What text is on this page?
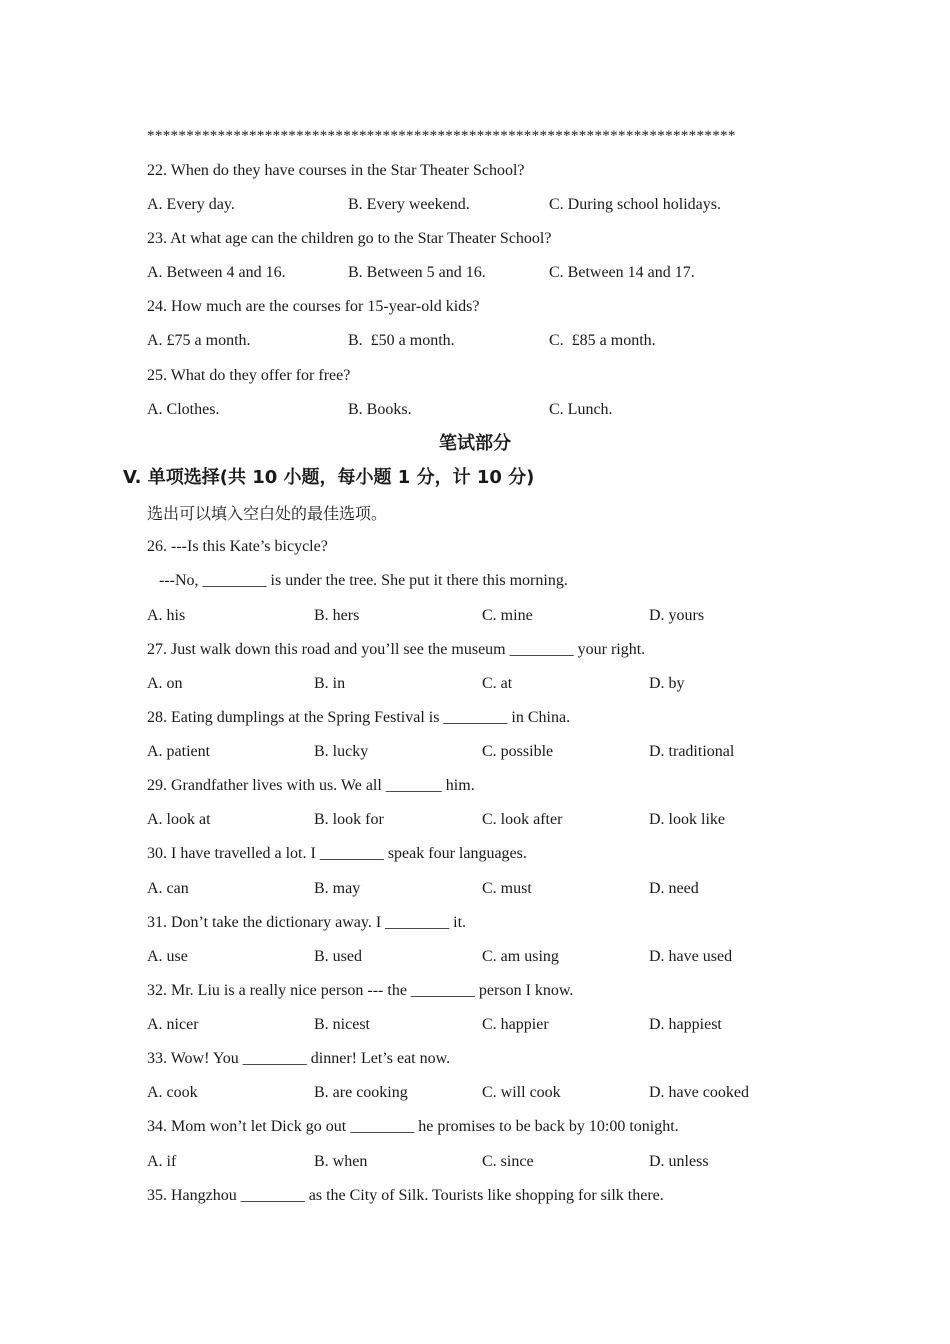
***************************************************************************
22. When do they have courses in the Star Theater School?
A. Every day.	B. Every weekend.	C. During school holidays.
23. At what age can the children go to the Star Theater School?
A. Between 4 and 16.	B. Between 5 and 16.	C. Between 14 and 17.
24. How much are the courses for 15-year-old kids?
A. £75 a month.	B.  £50 a month.	C.  £85 a month.
25. What do they offer for free?
A. Clothes.	B. Books.	C. Lunch.
笔试部分
V. 单项选择(共 10 小题，每小题 1 分，计 10 分)
选出可以填入空白处的最佳选项。
26. ---Is this Kate’s bicycle?
---No, ________ is under the tree. She put it there this morning.
A. his	B. hers	C. mine	D. yours
27. Just walk down this road and you’ll see the museum ________ your right.
A. on	B. in	C. at	D. by
28. Eating dumplings at the Spring Festival is ________ in China.
A. patient	B. lucky	C. possible	D. traditional
29. Grandfather lives with us. We all _______ him.
A. look at	B. look for	C. look after	D. look like
30. I have travelled a lot. I ________ speak four languages.
A. can	B. may	C. must	D. need
31. Don’t take the dictionary away. I ________ it.
A. use	B. used	C. am using	D. have used
32. Mr. Liu is a really nice person --- the ________ person I know.
A. nicer	B. nicest	C. happier	D. happiest
33. Wow! You ________ dinner! Let’s eat now.
A. cook	B. are cooking	C. will cook	D. have cooked
34. Mom won’t let Dick go out ________ he promises to be back by 10:00 tonight.
A. if	B. when	C. since	D. unless
35. Hangzhou ________ as the City of Silk. Tourists like shopping for silk there.
